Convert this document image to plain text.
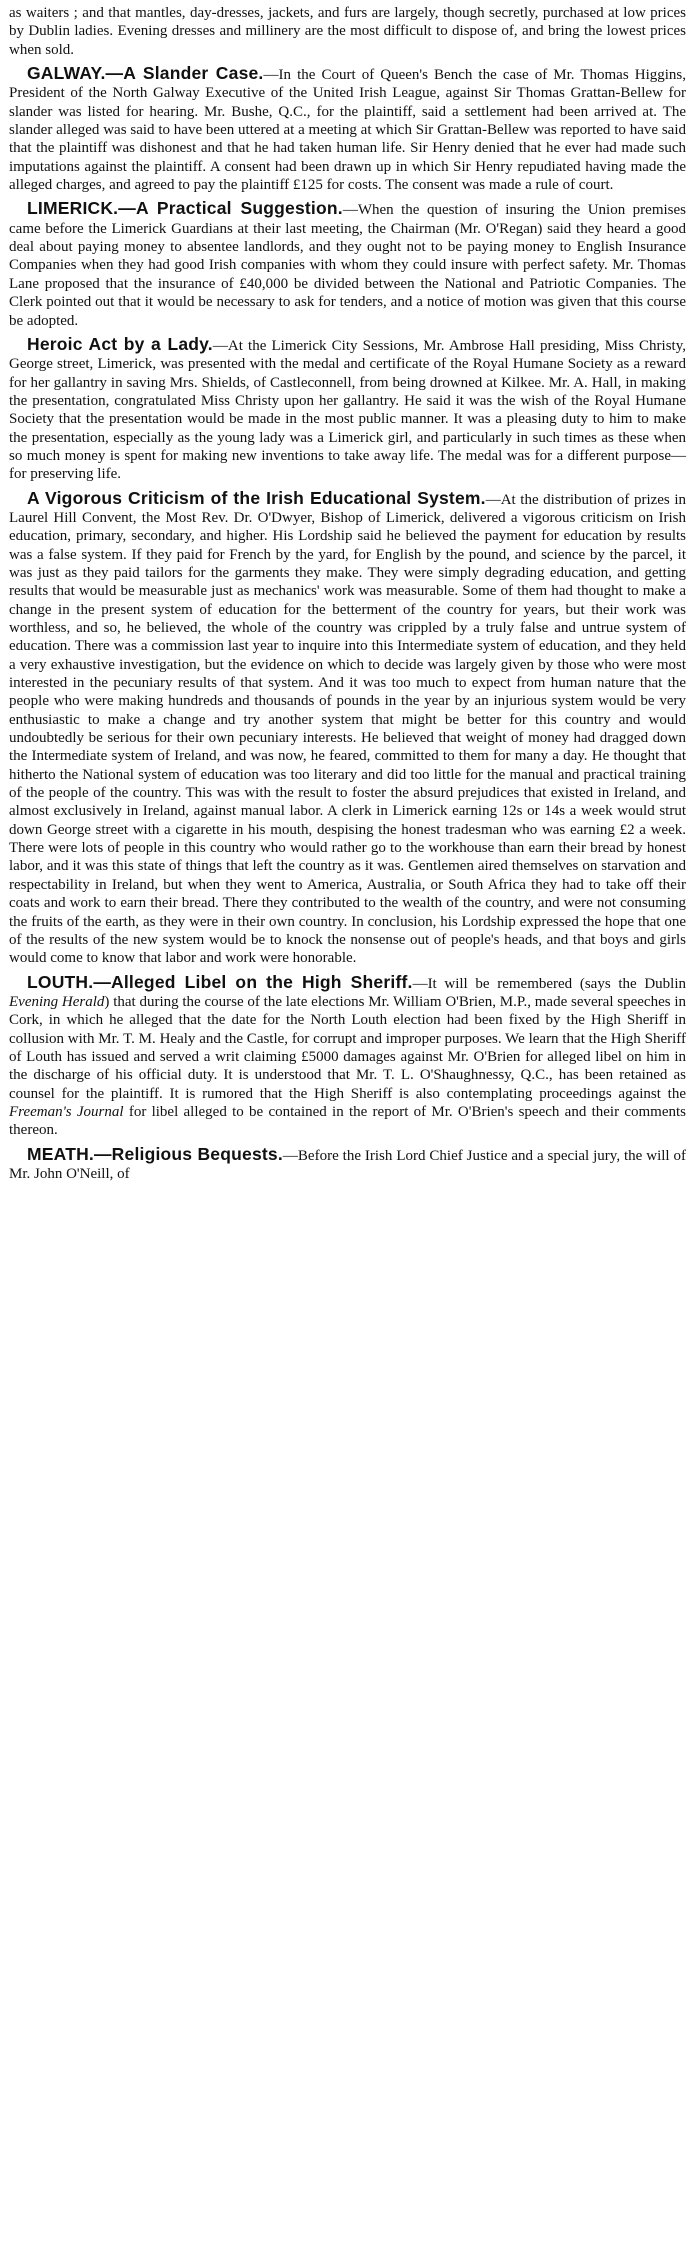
as waiters ; and that mantles, day-dresses, jackets, and furs are largely, though secretly, purchased at low prices by Dublin ladies. Evening dresses and millinery are the most difficult to dispose of, and bring the lowest prices when sold.

GALWAY.—A Slander Case.—In the Court of Queen's Bench the case of Mr. Thomas Higgins, President of the North Galway Executive of the United Irish League, against Sir Thomas Grattan-Bellew for slander was listed for hearing. Mr. Bushe, Q.C., for the plaintiff, said a settlement had been arrived at. The slander alleged was said to have been uttered at a meeting at which Sir Grattan-Bellew was reported to have said that the plaintiff was dishonest and that he had taken human life. Sir Henry denied that he ever had made such imputations against the plaintiff. A consent had been drawn up in which Sir Henry repudiated having made the alleged charges, and agreed to pay the plaintiff £125 for costs. The consent was made a rule of court.

LIMERICK.—A Practical Suggestion.—When the question of insuring the Union premises came before the Limerick Guardians at their last meeting, the Chairman (Mr. O'Regan) said they heard a good deal about paying money to absentee landlords, and they ought not to be paying money to English Insurance Companies when they had good Irish companies with whom they could insure with perfect safety. Mr. Thomas Lane proposed that the insurance of £40,000 be divided between the National and Patriotic Companies. The Clerk pointed out that it would be necessary to ask for tenders, and a notice of motion was given that this course be adopted.

Heroic Act by a Lady.—At the Limerick City Sessions, Mr. Ambrose Hall presiding, Miss Christy, George street, Limerick, was presented with the medal and certificate of the Royal Humane Society as a reward for her gallantry in saving Mrs. Shields, of Castleconnell, from being drowned at Kilkee. Mr. A. Hall, in making the presentation, congratulated Miss Christy upon her gallantry. He said it was the wish of the Royal Humane Society that the presentation would be made in the most public manner. It was a pleasing duty to him to make the presentation, especially as the young lady was a Limerick girl, and particularly in such times as these when so much money is spent for making new inventions to take away life. The medal was for a different purpose—for preserving life.

A Vigorous Criticism of the Irish Educational System.—At the distribution of prizes in Laurel Hill Convent, the Most Rev. Dr. O'Dwyer, Bishop of Limerick, delivered a vigorous criticism on Irish education, primary, secondary, and higher. His Lordship said he believed the payment for education by results was a false system. If they paid for French by the yard, for English by the pound, and science by the parcel, it was just as they paid tailors for the garments they make. They were simply degrading education, and getting results that would be measurable just as mechanics' work was measurable. Some of them had thought to make a change in the present system of education for the betterment of the country for years, but their work was worthless, and so, he believed, the whole of the country was crippled by a truly false and untrue system of education. There was a commission last year to inquire into this Intermediate system of education, and they held a very exhaustive investigation, but the evidence on which to decide was largely given by those who were most interested in the pecuniary results of that system. And it was too much to expect from human nature that the people who were making hundreds and thousands of pounds in the year by an injurious system would be very enthusiastic to make a change and try another system that might be better for this country and would undoubtedly be serious for their own pecuniary interests. He believed that weight of money had dragged down the Intermediate system of Ireland, and was now, he feared, committed to them for many a day. He thought that hitherto the National system of education was too literary and did too little for the manual and practical training of the people of the country. This was with the result to foster the absurd prejudices that existed in Ireland, and almost exclusively in Ireland, against manual labor. A clerk in Limerick earning 12s or 14s a week would strut down George street with a cigarette in his mouth, despising the honest tradesman who was earning £2 a week. There were lots of people in this country who would rather go to the workhouse than earn their bread by honest labor, and it was this state of things that left the country as it was. Gentlemen aired themselves on starvation and respectability in Ireland, but when they went to America, Australia, or South Africa they had to take off their coats and work to earn their bread. There they contributed to the wealth of the country, and were not consuming the fruits of the earth, as they were in their own country. In conclusion, his Lordship expressed the hope that one of the results of the new system would be to knock the nonsense out of people's heads, and that boys and girls would come to know that labor and work were honorable.

LOUTH.—Alleged Libel on the High Sheriff.—It will be remembered (says the Dublin Evening Herald) that during the course of the late elections Mr. William O'Brien, M.P., made several speeches in Cork, in which he alleged that the date for the North Louth election had been fixed by the High Sheriff in collusion with Mr. T. M. Healy and the Castle, for corrupt and improper purposes. We learn that the High Sheriff of Louth has issued and served a writ claiming £5000 damages against Mr. O'Brien for alleged libel on him in the discharge of his official duty. It is understood that Mr. T. L. O'Shaughnessy, Q.C., has been retained as counsel for the plaintiff. It is rumored that the High Sheriff is also contemplating proceedings against the Freeman's Journal for libel alleged to be contained in the report of Mr. O'Brien's speech and their comments thereon.

MEATH.—Religious Bequests.—Before the Irish Lord Chief Justice and a special jury, the will of Mr. John O'Neill, of
